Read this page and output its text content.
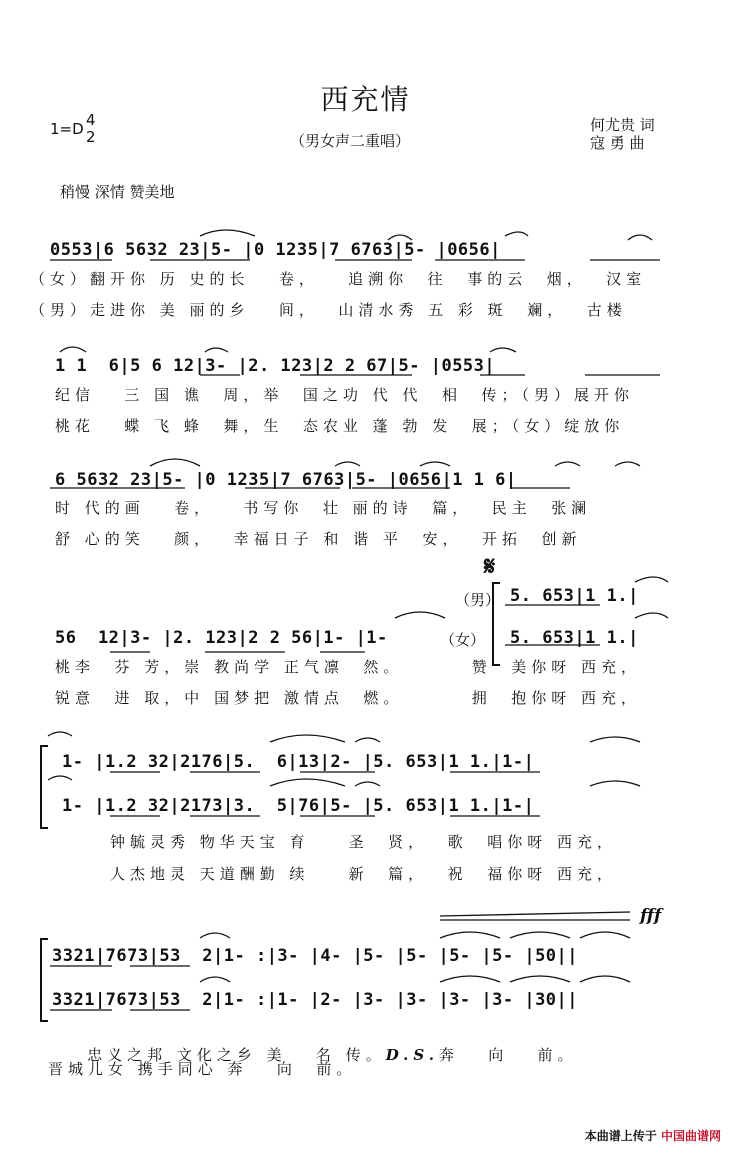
西充情
1=D 4
2	（男女声二重唱）
何尤贵 词
寇 勇 曲
稍慢 深情 赞美地
0553|6 5632 23|5- |0 1235|7 6763|5- |0656|
（女）翻开你 历 史的长   卷，   追溯你  往  事的云  烟，  汉室
（男）走进你 美 丽的乡   间，  山清水秀 五 彩 斑  斓，  古楼
1 1  6|5 6 12|3- |2. 123|2 2 67|5- |0553|
纪信   三 国 谯  周，举  国之功 代 代  相  传；（男）展开你
桃花   蝶 飞 蜂  舞，生  态农业 蓬 勃 发  展；（女）绽放你
6 5632 23|5- |0 1235|7 6763|5- |0656|1 1 6|
时 代的画   卷，   书写你  壮 丽的诗  篇，  民主  张澜
舒 心的笑   颜，  幸福日子 和 谐 平  安，  开拓  创新
𝄋
（男） 5. 653|1 1.|
56  12|3- |2. 123|2 2 56|1- |1-	（女） 5. 653|1 1.|
桃李  芬 芳，崇 教尚学 正气凛  然。       赞  美你呀 西充，
锐意  进 取，中 国梦把 激情点  燃。       拥  抱你呀 西充，
1- |1.2 32|2176|5.  6|13|2- |5. 653|1 1.|1-|
1- |1.2 32|2173|3.  5|76|5- |5. 653|1 1.|1-|
钟毓灵秀 物华天宝 育    圣  贤，  歌  唱你呀 西充，
人杰地灵 天道酬勤 续    新  篇，  祝  福你呀 西充，
fff
3321|7673|53  2|1- :|3- |4- |5- |5- |5- |5- |50||
3321|7673|53  2|1- :|1- |2- |3- |3- |3- |3- |30||

忠义之邦 文化之乡 美   名 传。D.S.奔   向   前。

晋城儿女 携手同心 奔   向  前。
本曲谱上传于 中国曲谱网
